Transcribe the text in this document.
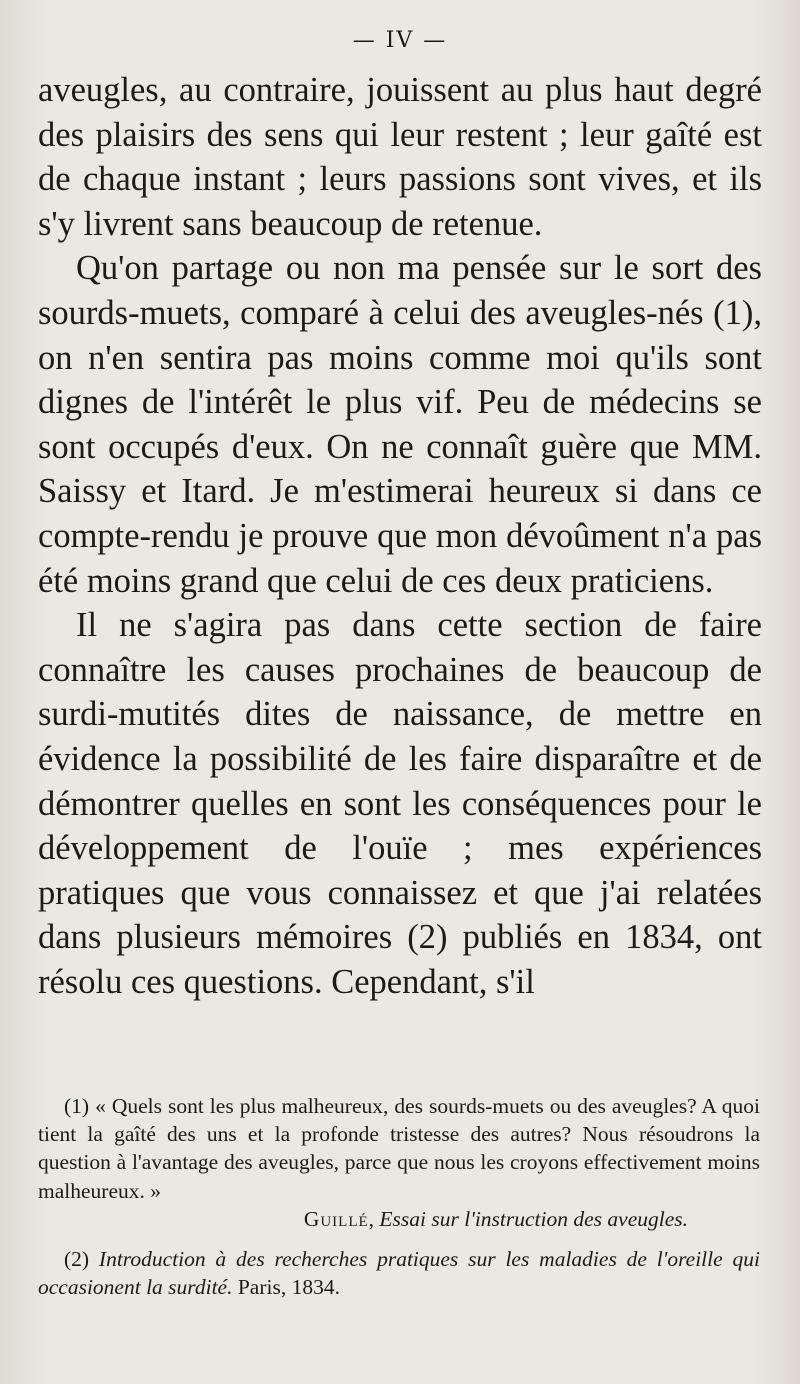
— IV —

aveugles, au contraire, jouissent au plus haut degré des plaisirs des sens qui leur restent ; leur gaîté est de chaque instant ; leurs passions sont vives, et ils s'y livrent sans beaucoup de retenue.

Qu'on partage ou non ma pensée sur le sort des sourds-muets, comparé à celui des aveugles-nés (1), on n'en sentira pas moins comme moi qu'ils sont dignes de l'intérêt le plus vif. Peu de médecins se sont occupés d'eux. On ne connaît guère que MM. Saissy et Itard. Je m'estimerai heureux si dans ce compte-rendu je prouve que mon dévoûment n'a pas été moins grand que celui de ces deux praticiens.

Il ne s'agira pas dans cette section de faire connaître les causes prochaines de beaucoup de surdi-mutités dites de naissance, de mettre en évidence la possibilité de les faire disparaître et de démontrer quelles en sont les conséquences pour le développement de l'ouïe ; mes expériences pratiques que vous connaissez et que j'ai relatées dans plusieurs mémoires (2) publiés en 1834, ont résolu ces questions. Cependant, s'il

(1) « Quels sont les plus malheureux, des sourds-muets ou des aveugles? A quoi tient la gaîté des uns et la profonde tristesse des autres? Nous résoudrons la question à l'avantage des aveugles, parce que nous les croyons effectivement moins malheureux. »

Guillé, Essai sur l'instruction des aveugles.

(2) Introduction à des recherches pratiques sur les maladies de l'oreille qui occasionent la surdité. Paris, 1834.
